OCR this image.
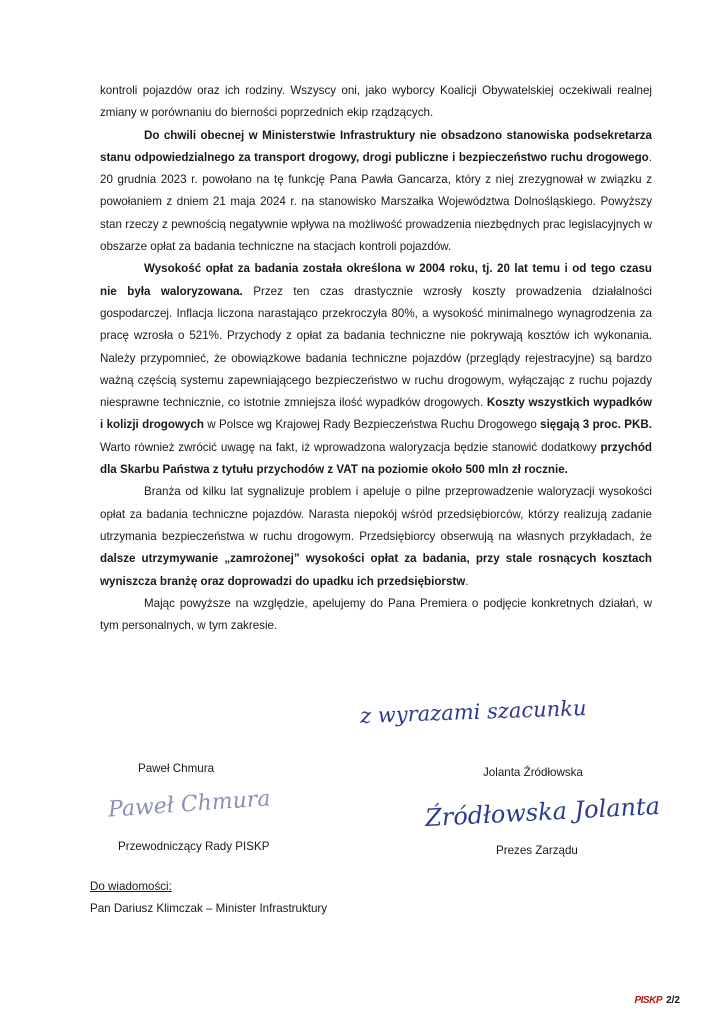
kontroli pojazdów oraz ich rodziny. Wszyscy oni, jako wyborcy Koalicji Obywatelskiej oczekiwali realnej zmiany w porównaniu do bierności poprzednich ekip rządzących.

Do chwili obecnej w Ministerstwie Infrastruktury nie obsadzono stanowiska podsekretarza stanu odpowiedzialnego za transport drogowy, drogi publiczne i bezpieczeństwo ruchu drogowego. 20 grudnia 2023 r. powołano na tę funkcję Pana Pawła Gancarza, który z niej zrezygnował w związku z powołaniem z dniem 21 maja 2024 r. na stanowisko Marszałka Województwa Dolnośląskiego. Powyższy stan rzeczy z pewnością negatywnie wpływa na możliwość prowadzenia niezbędnych prac legislacyjnych w obszarze opłat za badania techniczne na stacjach kontroli pojazdów.

Wysokość opłat za badania została określona w 2004 roku, tj. 20 lat temu i od tego czasu nie była waloryzowana. Przez ten czas drastycznie wzrosły koszty prowadzenia działalności gospodarczej. Inflacja liczona narastająco przekroczyła 80%, a wysokość minimalnego wynagrodzenia za pracę wzrosła o 521%. Przychody z opłat za badania techniczne nie pokrywają kosztów ich wykonania. Należy przypomnieć, że obowiązkowe badania techniczne pojazdów (przeglądy rejestracyjne) są bardzo ważną częścią systemu zapewniającego bezpieczeństwo w ruchu drogowym, wyłączając z ruchu pojazdy niesprawne technicznie, co istotnie zmniejsza ilość wypadków drogowych. Koszty wszystkich wypadków i kolizji drogowych w Polsce wg Krajowej Rady Bezpieczeństwa Ruchu Drogowego sięgają 3 proc. PKB. Warto również zwrócić uwagę na fakt, iż wprowadzona waloryzacja będzie stanowić dodatkowy przychód dla Skarbu Państwa z tytułu przychodów z VAT na poziomie około 500 mln zł rocznie.

Branża od kilku lat sygnalizuje problem i apeluje o pilne przeprowadzenie waloryzacji wysokości opłat za badania techniczne pojazdów. Narasta niepokój wśród przedsiębiorców, którzy realizują zadanie utrzymania bezpieczeństwa w ruchu drogowym. Przedsiębiorcy obserwują na własnych przykładach, że dalsze utrzymywanie „zamrożonej” wysokości opłat za badania, przy stale rosnących kosztach wyniszcza branżę oraz doprowadzi do upadku ich przedsiębiorstw.

Mając powyższe na względzie, apelujemy do Pana Premiera o podjęcie konkretnych działań, w tym personalnych, w tym zakresie.

z wyrazami szacunku
Paweł Chmura
Paweł Chmura
Przewodniczący Rady PISKP
Jolanta Źródłowska
Źródłowska Jolanta
Prezes Zarządu
Do wiadomości:
Pan Dariusz Klimczak – Minister Infrastruktury
PISKP 2/2
